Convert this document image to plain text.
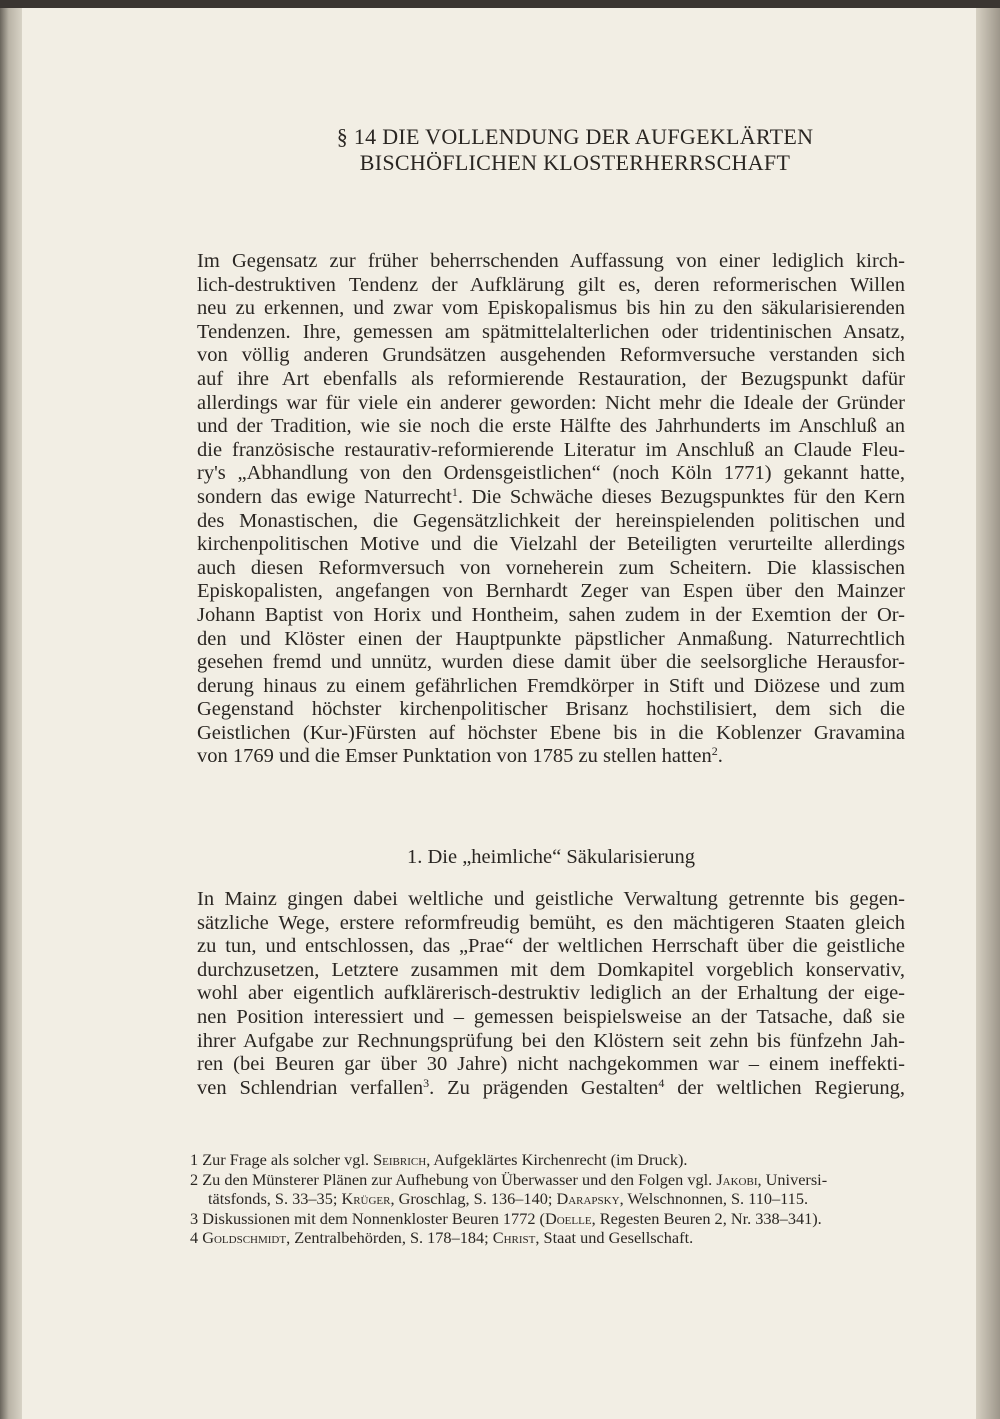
§ 14 DIE VOLLENDUNG DER AUFGEKLÄRTEN
BISCHÖFLICHEN KLOSTERHERRSCHAFT
Im Gegensatz zur früher beherrschenden Auffassung von einer lediglich kirch-
lich-destruktiven Tendenz der Aufklärung gilt es, deren reformerischen Willen
neu zu erkennen, und zwar vom Episkopalismus bis hin zu den säkularisierenden
Tendenzen. Ihre, gemessen am spätmittelalterlichen oder tridentinischen Ansatz,
von völlig anderen Grundsätzen ausgehenden Reformversuche verstanden sich
auf ihre Art ebenfalls als reformierende Restauration, der Bezugspunkt dafür
allerdings war für viele ein anderer geworden: Nicht mehr die Ideale der Gründer
und der Tradition, wie sie noch die erste Hälfte des Jahrhunderts im Anschluß an
die französische restaurativ-reformierende Literatur im Anschluß an Claude Fleu-
ry's „Abhandlung von den Ordensgeistlichen“ (noch Köln 1771) gekannt hatte,
sondern das ewige Naturrecht$^1$. Die Schwäche dieses Bezugspunktes für den Kern
des Monastischen, die Gegensätzlichkeit der hereinspielenden politischen und
kirchenpolitischen Motive und die Vielzahl der Beteiligten verurteilte allerdings
auch diesen Reformversuch von vorneherein zum Scheitern. Die klassischen
Episkopalisten, angefangen von Bernhardt Zeger van Espen über den Mainzer
Johann Baptist von Horix und Hontheim, sahen zudem in der Exemtion der Or-
den und Klöster einen der Hauptpunkte päpstlicher Anmaßung. Naturrechtlich
gesehen fremd und unnütz, wurden diese damit über die seelsorgliche Herausfor-
derung hinaus zu einem gefährlichen Fremdkörper in Stift und Diözese und zum
Gegenstand höchster kirchenpolitischer Brisanz hochstilisiert, dem sich die
Geistlichen (Kur-)Fürsten auf höchster Ebene bis in die Koblenzer Gravamina
von 1769 und die Emser Punktation von 1785 zu stellen hatten$^2$.
1. Die „heimliche“ Säkularisierung
In Mainz gingen dabei weltliche und geistliche Verwaltung getrennte bis gegen-
sätzliche Wege, erstere reformfreudig bemüht, es den mächtigeren Staaten gleich
zu tun, und entschlossen, das „Prae“ der weltlichen Herrschaft über die geistliche
durchzusetzen, Letztere zusammen mit dem Domkapitel vorgeblich konservativ,
wohl aber eigentlich aufklärerisch-destruktiv lediglich an der Erhaltung der eige-
nen Position interessiert und – gemessen beispielsweise an der Tatsache, daß sie
ihrer Aufgabe zur Rechnungsprüfung bei den Klöstern seit zehn bis fünfzehn Jah-
ren (bei Beuren gar über 30 Jahre) nicht nachgekommen war – einem ineffekti-
ven Schlendrian verfallen$^3$. Zu prägenden Gestalten$^4$ der weltlichen Regierung,
1 Zur Frage als solcher vgl. Seibrich, Aufgeklärtes Kirchenrecht (im Druck).
2 Zu den Münsterer Plänen zur Aufhebung von Überwasser und den Folgen vgl. Jakobi, Universi-
tätsfonds, S. 33–35; Krüger, Groschlag, S. 136–140; Darapsky, Welschnonnen, S. 110–115.
3 Diskussionen mit dem Nonnenkloster Beuren 1772 (Doelle, Regesten Beuren 2, Nr. 338–341).
4 Goldschmidt, Zentralbehörden, S. 178–184; Christ, Staat und Gesellschaft.
